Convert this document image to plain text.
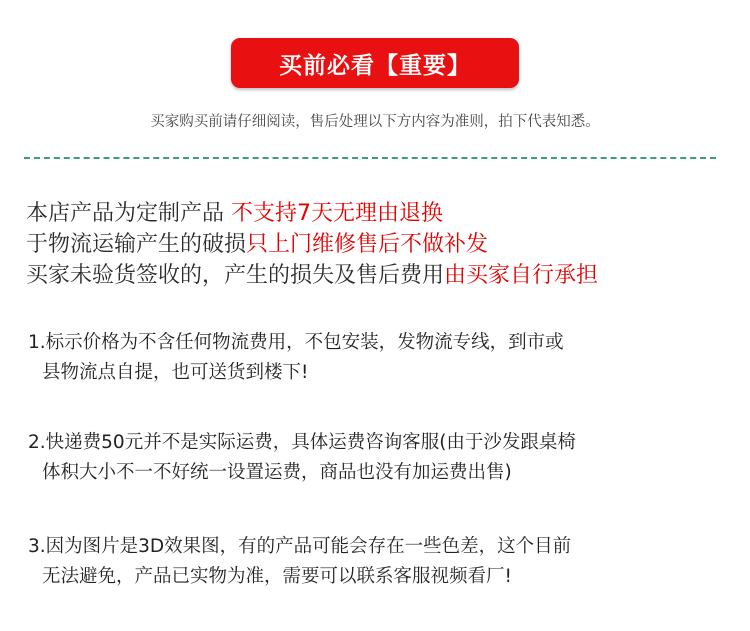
买前必看【重要】
买家购买前请仔细阅读，售后处理以下方内容为准则，拍下代表知悉。
本店产品为定制产品 不支持7天无理由退换
于物流运输产生的破损只上门维修售后不做补发
买家未验货签收的，产生的损失及售后费用由买家自行承担
1.标示价格为不含任何物流费用，不包安装，发物流专线，到市或
县物流点自提，也可送货到楼下!
2.快递费50元并不是实际运费，具体运费咨询客服(由于沙发跟桌椅
体积大小不一不好统一设置运费，商品也没有加运费出售)
3.因为图片是3D效果图，有的产品可能会存在一些色差，这个目前
无法避免，产品已实物为准，需要可以联系客服视频看厂!
